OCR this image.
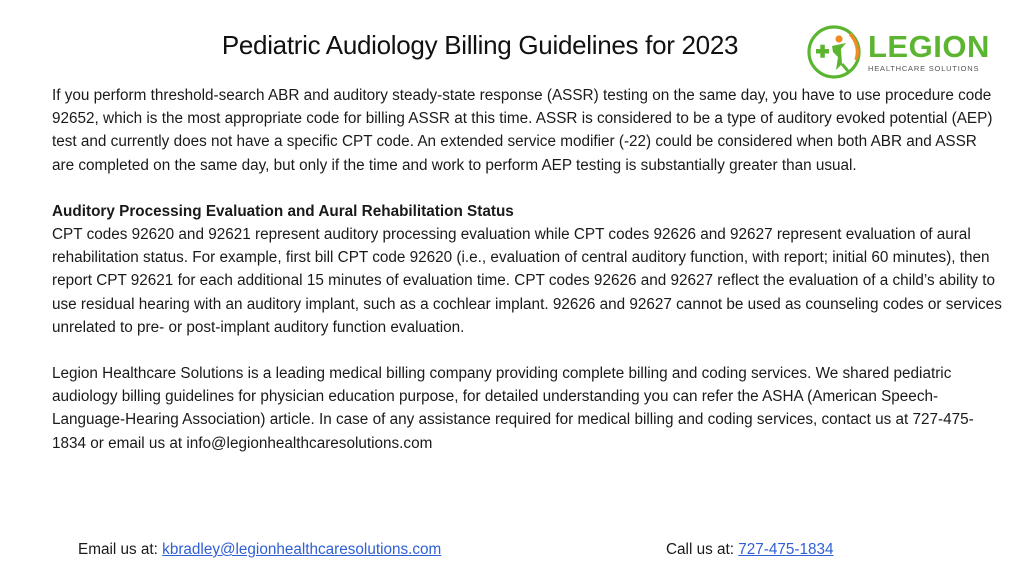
Pediatric Audiology Billing Guidelines for 2023	LEGION
HEALTHCARE SOLUTIONS

If you perform threshold-search ABR and auditory steady-state response (ASSR) testing on the same day, you have to use procedure code 92652, which is the most appropriate code for billing ASSR at this time. ASSR is considered to be a type of auditory evoked potential (AEP) test and currently does not have a specific CPT code. An extended service modifier (-22) could be considered when both ABR and ASSR are completed on the same day, but only if the time and work to perform AEP testing is substantially greater than usual.

Auditory Processing Evaluation and Aural Rehabilitation Status

CPT codes 92620 and 92621 represent auditory processing evaluation while CPT codes 92626 and 92627 represent evaluation of aural rehabilitation status. For example, first bill CPT code 92620 (i.e., evaluation of central auditory function, with report; initial 60 minutes), then report CPT 92621 for each additional 15 minutes of evaluation time. CPT codes 92626 and 92627 reflect the evaluation of a child’s ability to use residual hearing with an auditory implant, such as a cochlear implant. 92626 and 92627 cannot be used as counseling codes or services unrelated to pre- or post-implant auditory function evaluation.

Legion Healthcare Solutions is a leading medical billing company providing complete billing and coding services. We shared pediatric audiology billing guidelines for physician education purpose, for detailed understanding you can refer the ASHA (American Speech-Language-Hearing Association) article. In case of any assistance required for medical billing and coding services, contact us at 727-475-1834 or email us at info@legionhealthcaresolutions.com

Email us at: kbradley@legionhealthcaresolutions.com	Call us at: 727-475-1834
